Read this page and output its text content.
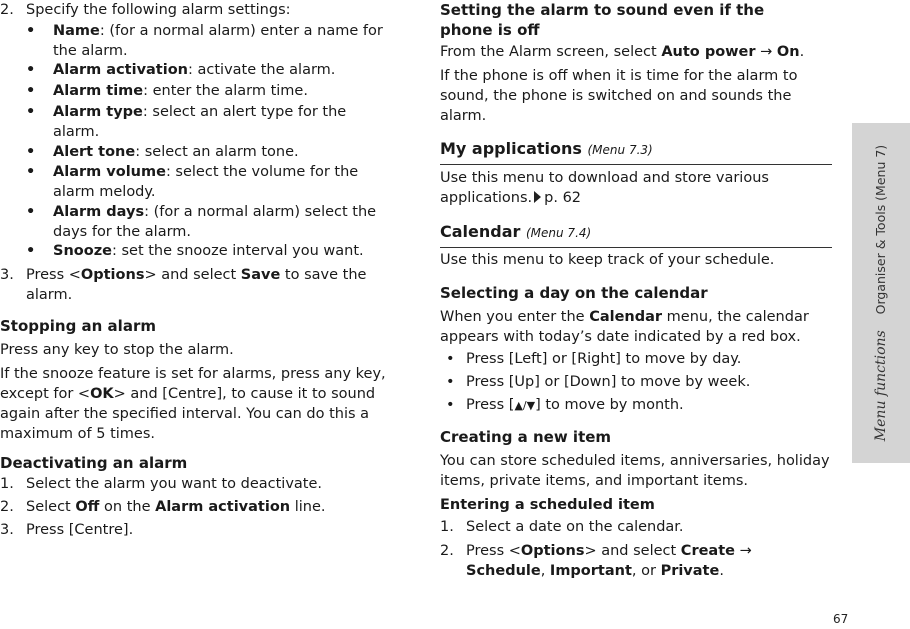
2. Specify the following alarm settings:
• Name: (for a normal alarm) enter a name for the alarm.
• Alarm activation: activate the alarm.
• Alarm time: enter the alarm time.
• Alarm type: select an alert type for the alarm.
• Alert tone: select an alarm tone.
• Alarm volume: select the volume for the alarm melody.
• Alarm days: (for a normal alarm) select the days for the alarm.
• Snooze: set the snooze interval you want.
3. Press <Options> and select Save to save the alarm.
Stopping an alarm

Press any key to stop the alarm.

If the snooze feature is set for alarms, press any key, except for <OK> and [Centre], to cause it to sound again after the specified interval. You can do this a maximum of 5 times.

Deactivating an alarm
1. Select the alarm you want to deactivate.
2. Select Off on the Alarm activation line.
3. Press [Centre].
Setting the alarm to sound even if the phone is off

From the Alarm screen, select Auto power → On.

If the phone is off when it is time for the alarm to sound, the phone is switched on and sounds the alarm.

My applications (Menu 7.3)

Use this menu to download and store various applications. p. 62

Calendar (Menu 7.4)

Use this menu to keep track of your schedule.

Selecting a day on the calendar

When you enter the Calendar menu, the calendar appears with today’s date indicated by a red box.

• Press [Left] or [Right] to move by day.
• Press [Up] or [Down] to move by week.
• Press [▲/▼] to move by month.
Creating a new item

You can store scheduled items, anniversaries, holiday items, private items, and important items.

Entering a scheduled item
1. Select a date on the calendar.
2. Press <Options> and select Create → Schedule, Important, or Private.
Menu functions    Organiser & Tools (Menu 7)
67
